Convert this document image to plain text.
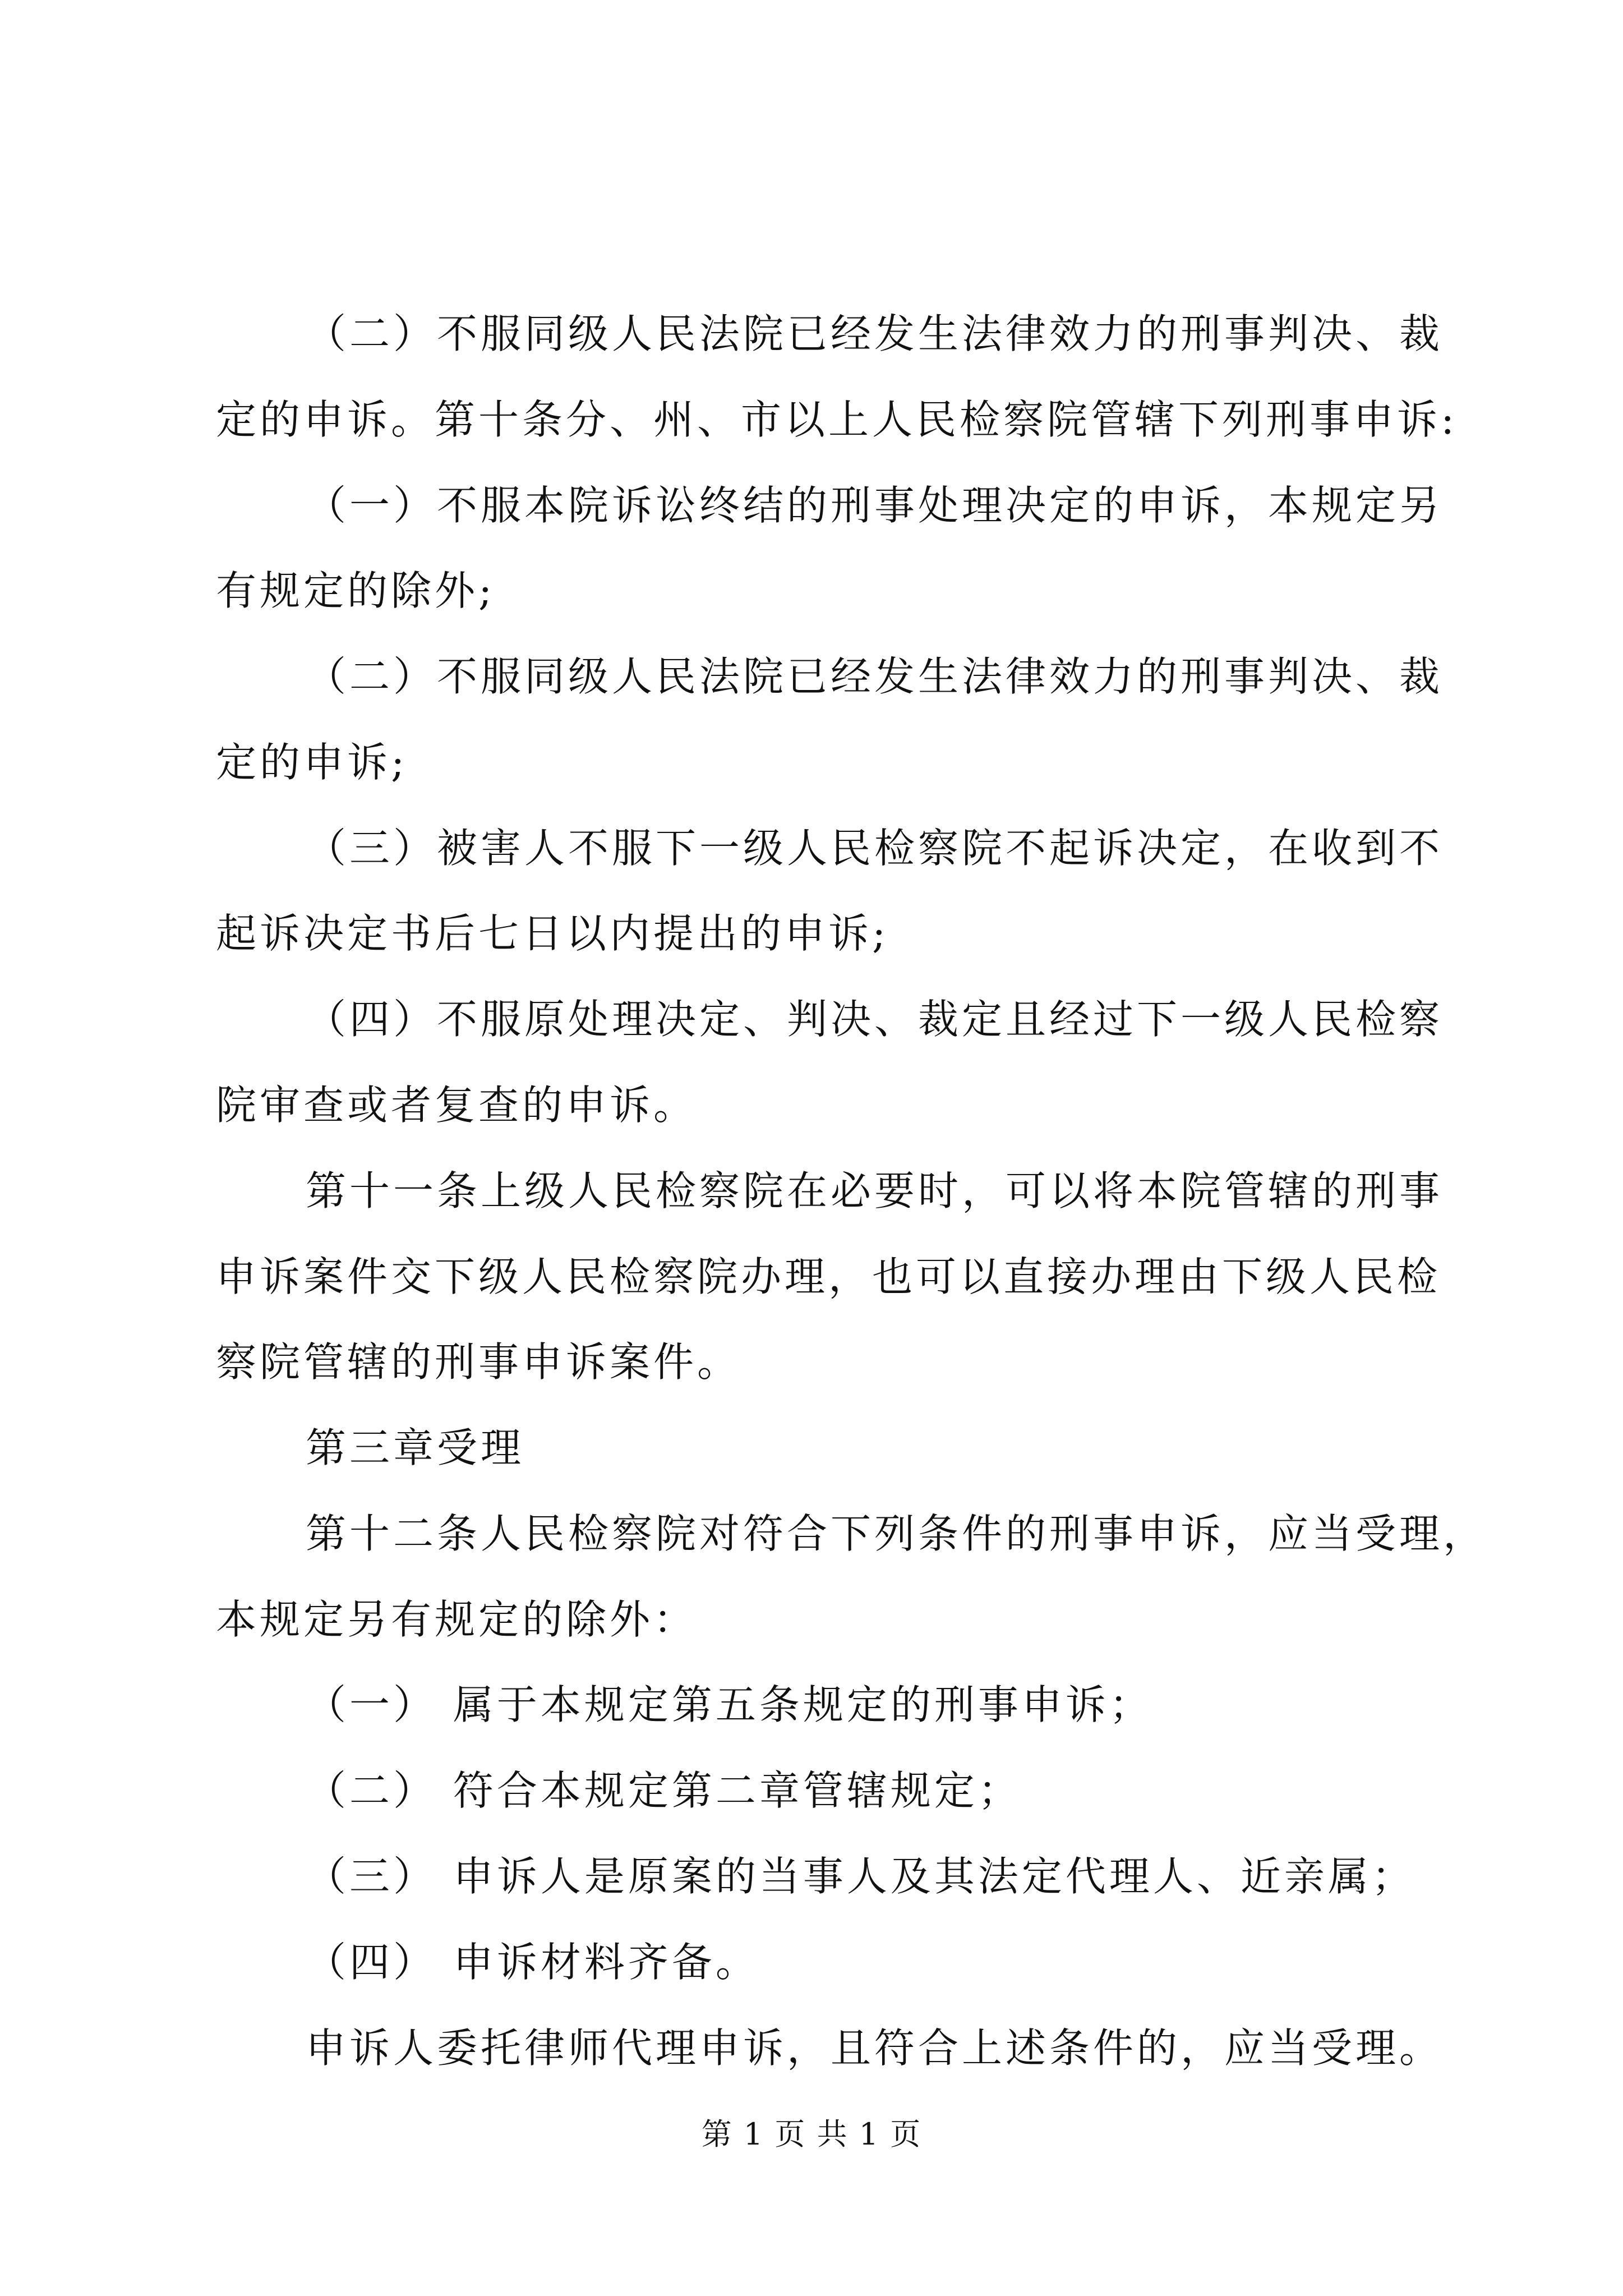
（二）不服同级人民法院已经发生法律效力的刑事判决、裁
定的申诉。第十条分、州、市以上人民检察院管辖下列刑事申诉:
（一）不服本院诉讼终结的刑事处理决定的申诉，本规定另
有规定的除外;
（二）不服同级人民法院已经发生法律效力的刑事判决、裁
定的申诉;
（三）被害人不服下一级人民检察院不起诉决定，在收到不
起诉决定书后七日以内提出的申诉;
（四）不服原处理决定、判决、裁定且经过下一级人民检察
院审查或者复查的申诉。
第十一条上级人民检察院在必要时，可以将本院管辖的刑事
申诉案件交下级人民检察院办理，也可以直接办理由下级人民检
察院管辖的刑事申诉案件。
第三章受理
第十二条人民检察院对符合下列条件的刑事申诉，应当受理，
本规定另有规定的除外：
（一） 属于本规定第五条规定的刑事申诉；
（二） 符合本规定第二章管辖规定；
（三） 申诉人是原案的当事人及其法定代理人、近亲属；
（四） 申诉材料齐备。
申诉人委托律师代理申诉，且符合上述条件的，应当受理。
第 1 页 共 1 页
